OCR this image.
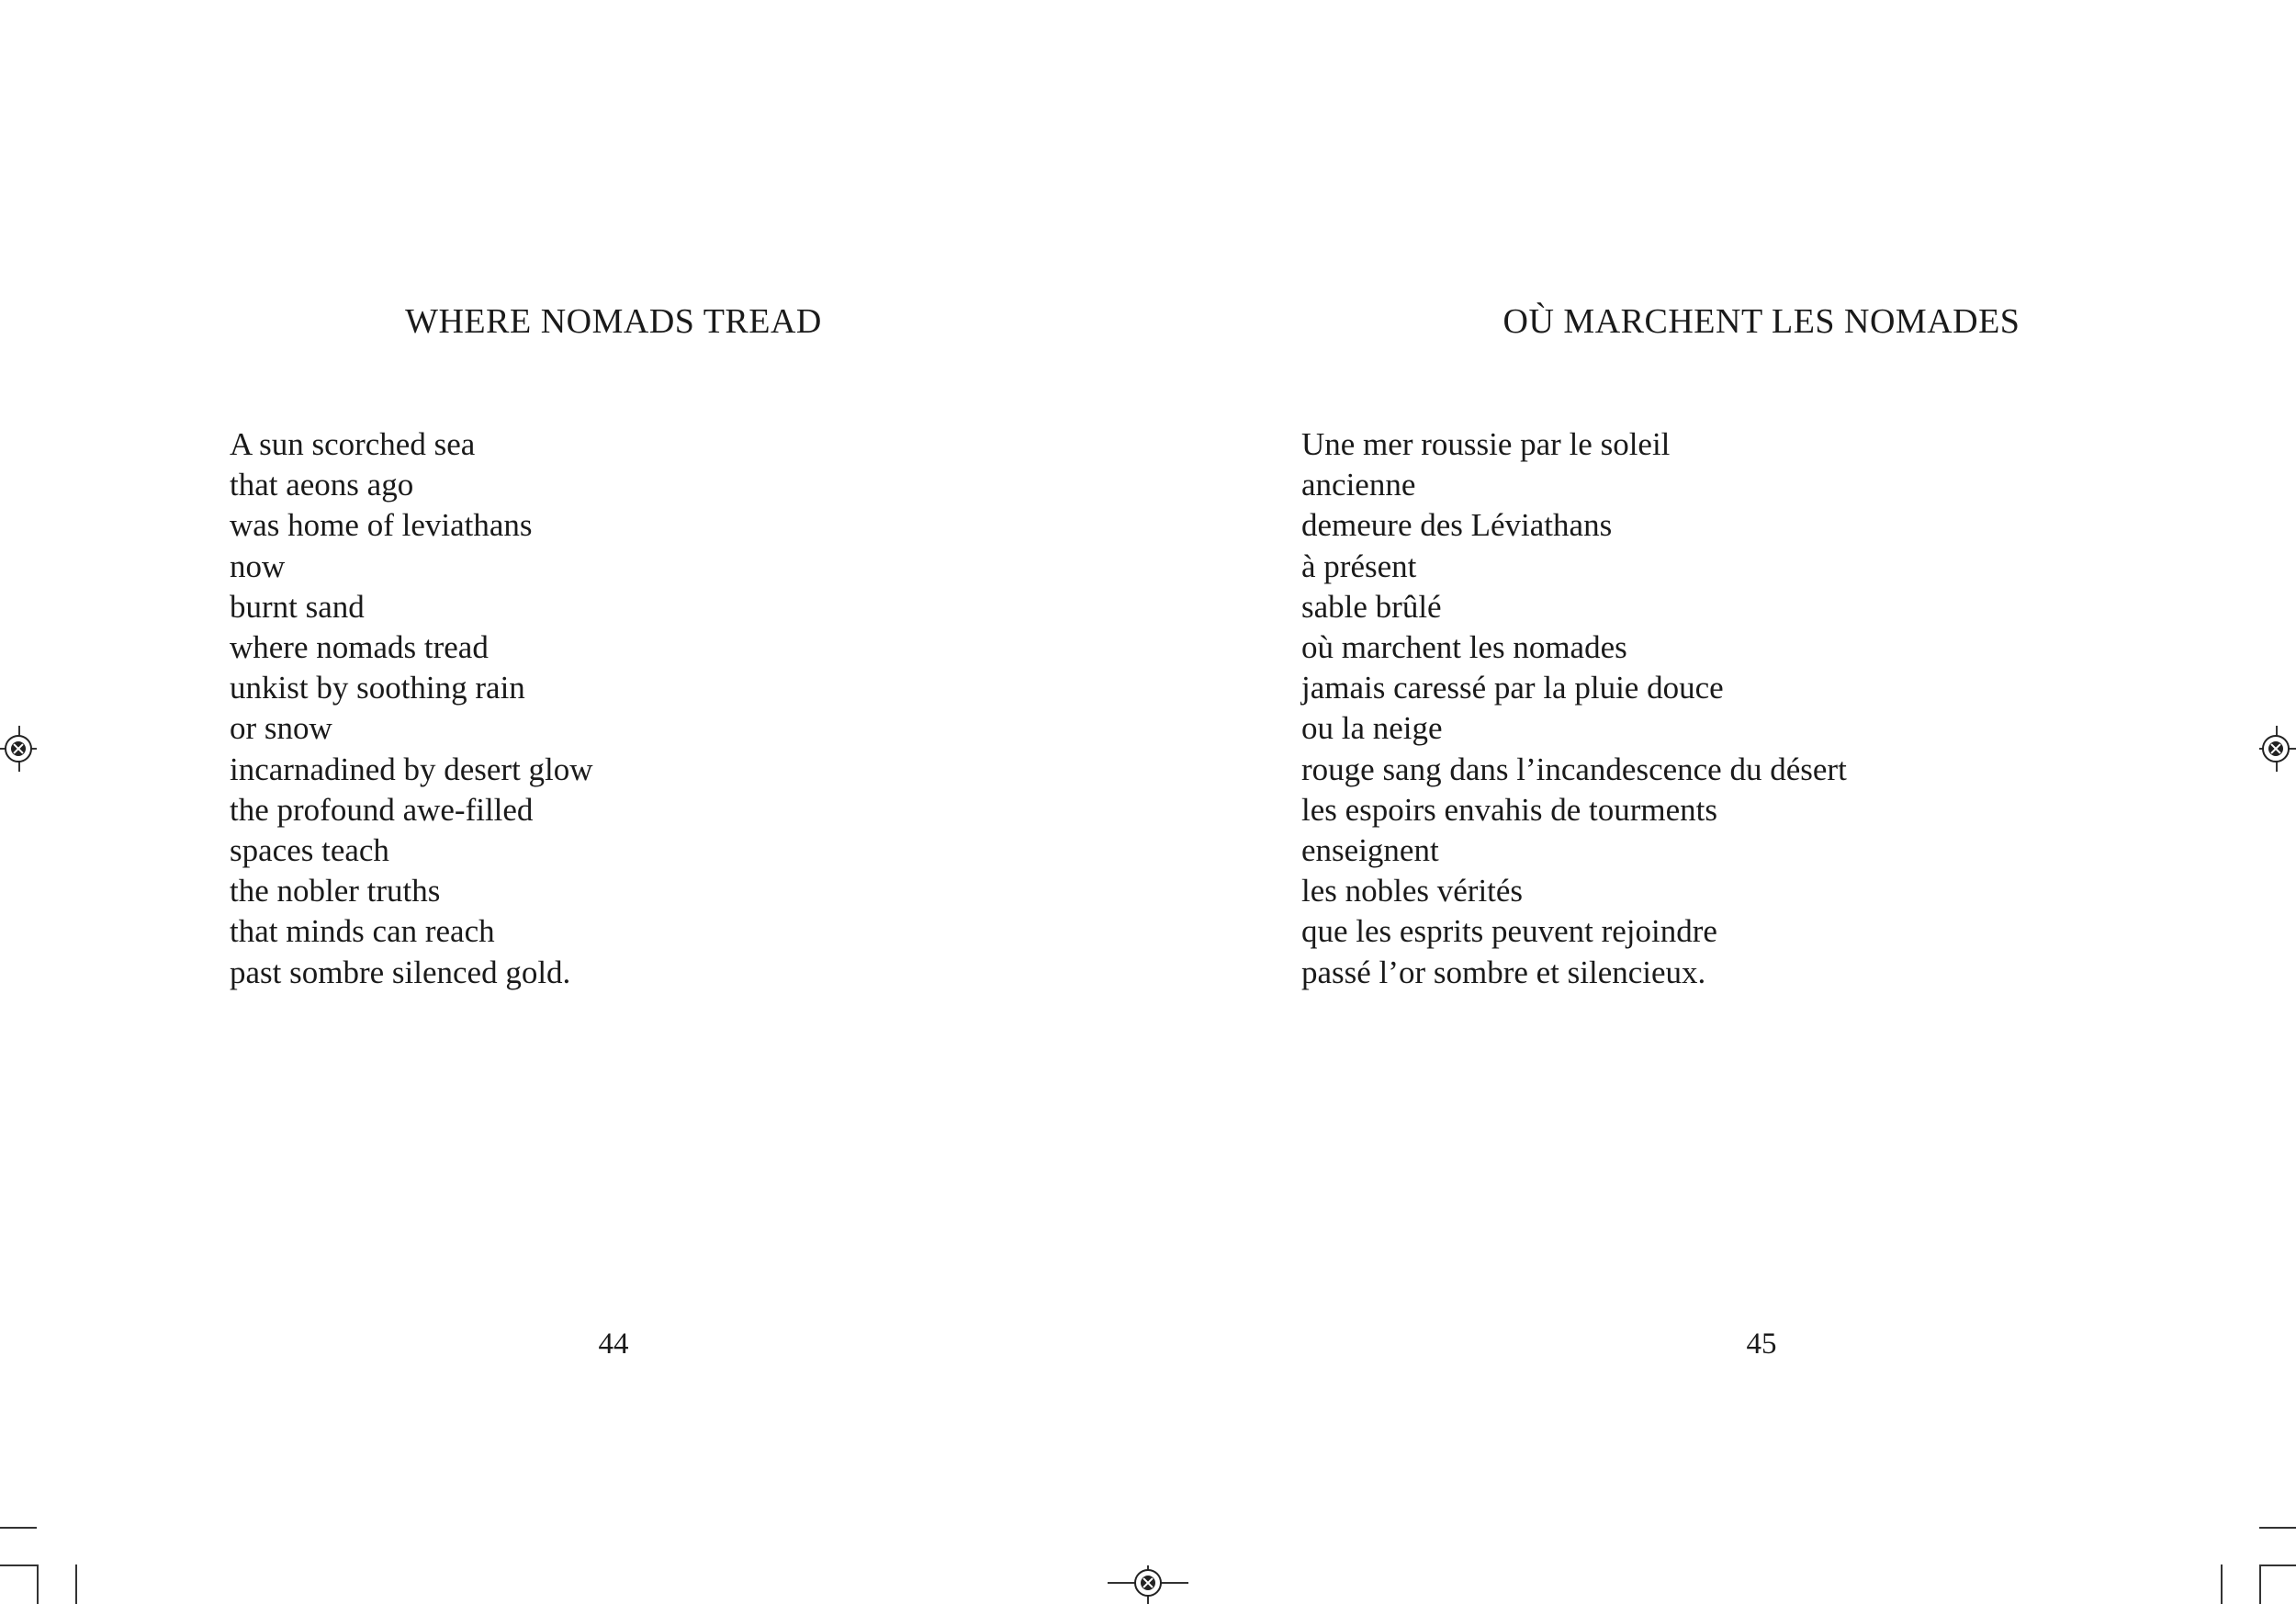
WHERE NOMADS TREAD
A sun scorched sea
that aeons ago
was home of leviathans
now
burnt sand
where nomads tread
unkist by soothing rain
or snow
incarnadined by desert glow
the profound awe-filled
spaces teach
the nobler truths
that minds can reach
past sombre silenced gold.
44
OÙ MARCHENT LES NOMADES
Une mer roussie par le soleil
ancienne
demeure des Léviathans
à présent
sable brûlé
où marchent les nomades
jamais caressé par la pluie douce
ou la neige
rouge sang dans l’incandescence du désert
les espoirs envahis de tourments
enseignent
les nobles vérités
que les esprits peuvent rejoindre
passé l’or sombre et silencieux.
45
